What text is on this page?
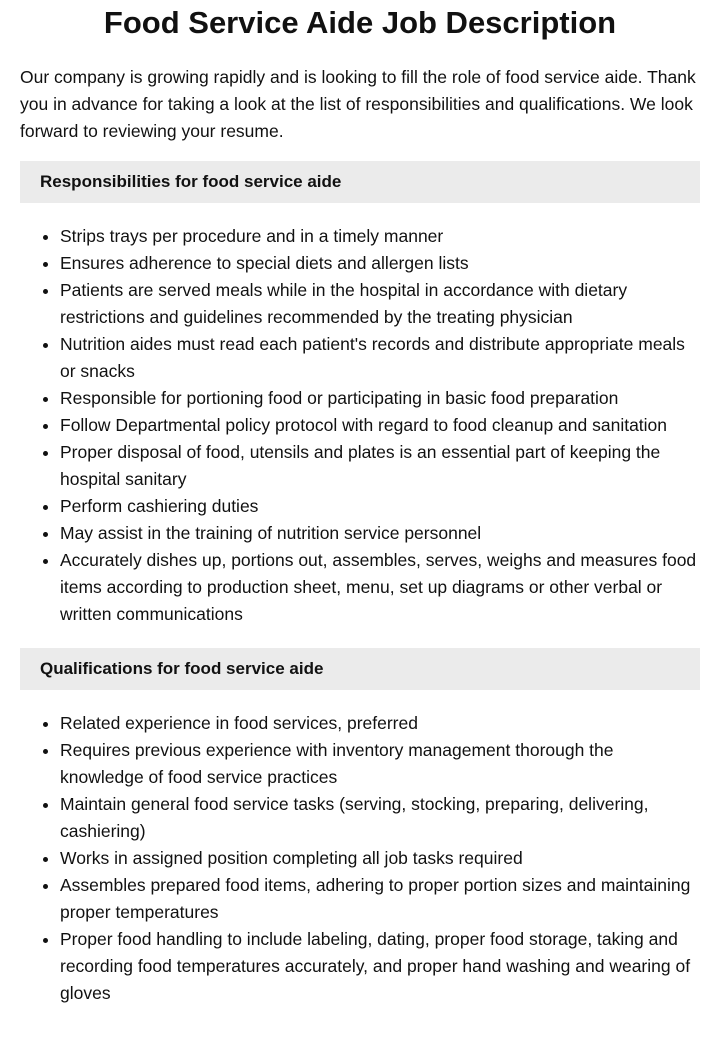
Food Service Aide Job Description

Our company is growing rapidly and is looking to fill the role of food service aide. Thank you in advance for taking a look at the list of responsibilities and qualifications. We look forward to reviewing your resume.

Responsibilities for food service aide
• Strips trays per procedure and in a timely manner
• Ensures adherence to special diets and allergen lists
• Patients are served meals while in the hospital in accordance with dietary restrictions and guidelines recommended by the treating physician
• Nutrition aides must read each patient's records and distribute appropriate meals or snacks
• Responsible for portioning food or participating in basic food preparation
• Follow Departmental policy protocol with regard to food cleanup and sanitation
• Proper disposal of food, utensils and plates is an essential part of keeping the hospital sanitary
• Perform cashiering duties
• May assist in the training of nutrition service personnel
• Accurately dishes up, portions out, assembles, serves, weighs and measures food items according to production sheet, menu, set up diagrams or other verbal or written communications
Qualifications for food service aide
• Related experience in food services, preferred
• Requires previous experience with inventory management thorough the knowledge of food service practices
• Maintain general food service tasks (serving, stocking, preparing, delivering, cashiering)
• Works in assigned position completing all job tasks required
• Assembles prepared food items, adhering to proper portion sizes and maintaining proper temperatures
• Proper food handling to include labeling, dating, proper food storage, taking and recording food temperatures accurately, and proper hand washing and wearing of gloves
